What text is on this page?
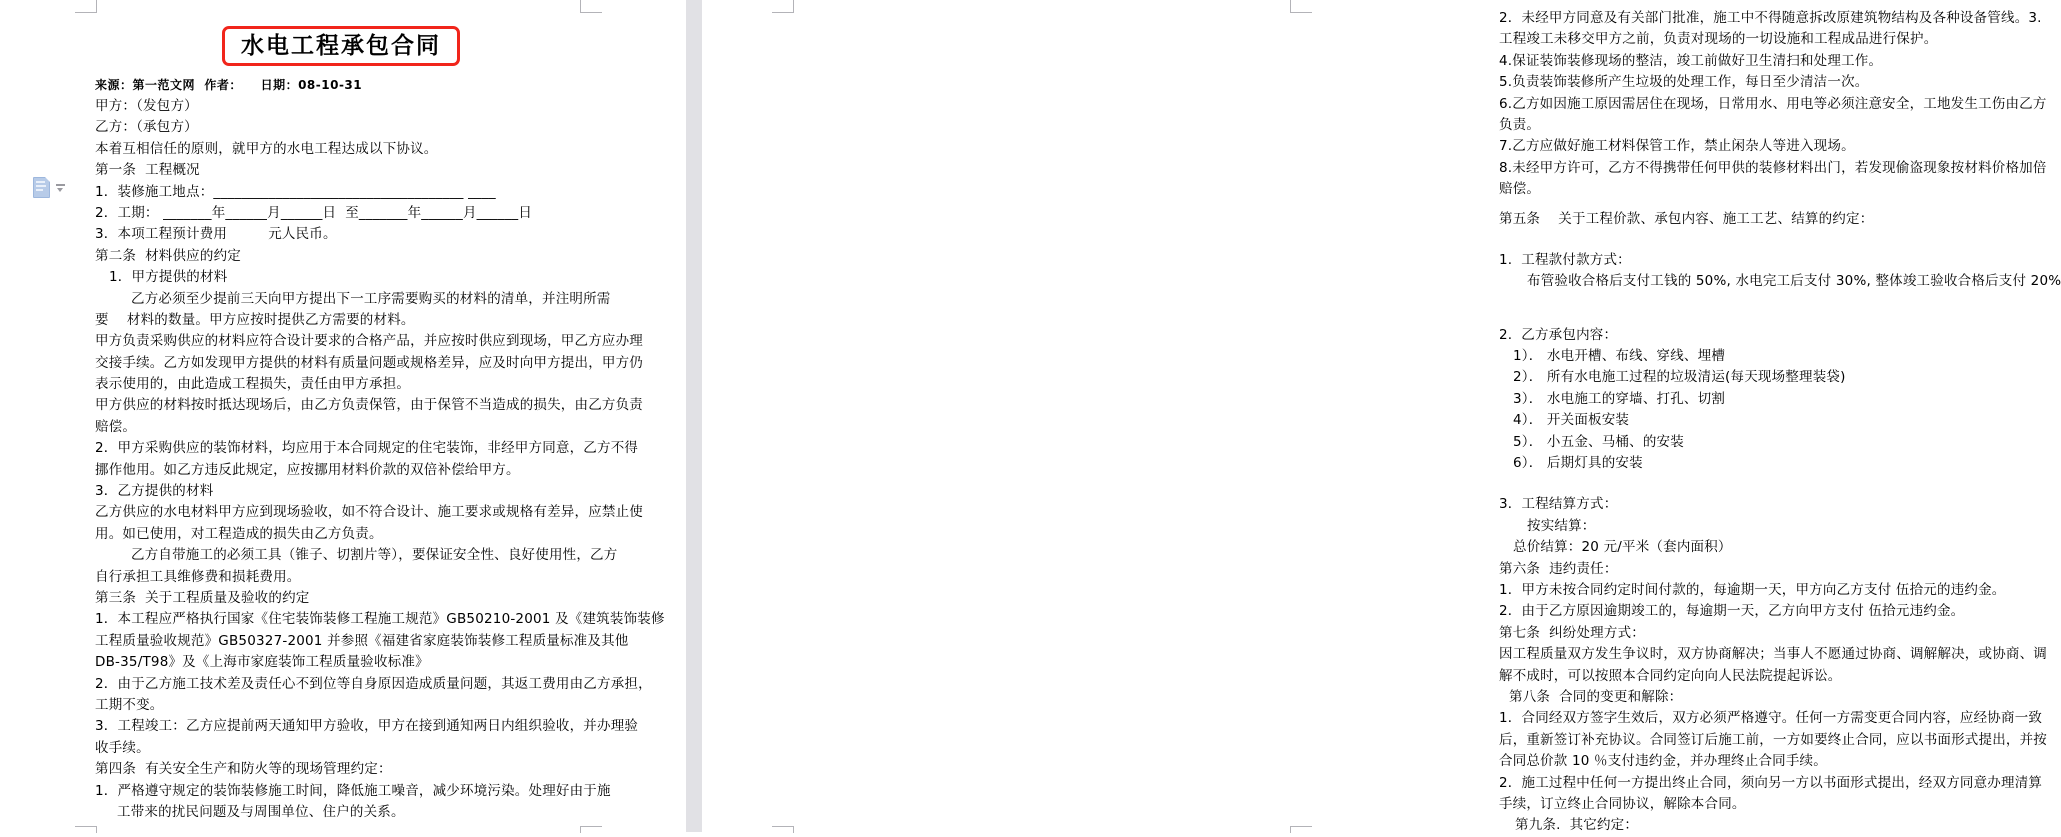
水电工程承包合同
来源：第一范文网  作者：    日期：08-10-31
甲方：（发包方）
乙方：（承包方）
本着互相信任的原则，就甲方的水电工程达成以下协议。
第一条  工程概况
1．装修施工地点：____________________________________ ____
2．工期： _______年______月______日  至_______年______月______日
3．本项工程预计费用　　　元人民币。
第二条  材料供应的约定
1．甲方提供的材料
乙方必须至少提前三天向甲方提出下一工序需要购买的材料的清单，并注明所需
要　 材料的数量。甲方应按时提供乙方需要的材料。
甲方负责采购供应的材料应符合设计要求的合格产品，并应按时供应到现场，甲乙方应办理
交接手续。乙方如发现甲方提供的材料有质量问题或规格差异，应及时向甲方提出，甲方仍
表示使用的，由此造成工程损失，责任由甲方承担。
甲方供应的材料按时抵达现场后，由乙方负责保管，由于保管不当造成的损失，由乙方负责
赔偿。
2．甲方采购供应的装饰材料，均应用于本合同规定的住宅装饰，非经甲方同意，乙方不得
挪作他用。如乙方违反此规定，应按挪用材料价款的双倍补偿给甲方。
3．乙方提供的材料
乙方供应的水电材料甲方应到现场验收，如不符合设计、施工要求或规格有差异，应禁止使
用。如已使用，对工程造成的损失由乙方负责。
乙方自带施工的必须工具（锥子、切割片等），要保证安全性、良好使用性，乙方
自行承担工具维修费和损耗费用。
第三条  关于工程质量及验收的约定
1．本工程应严格执行国家《住宅装饰装修工程施工规范》GB50210-2001 及《建筑装饰装修
工程质量验收规范》GB50327-2001 并参照《福建省家庭装饰装修工程质量标准及其他
DB-35/T98》及《上海市家庭装饰工程质量验收标准》
2．由于乙方施工技术差及责任心不到位等自身原因造成质量问题，其返工费用由乙方承担，
工期不变。
3．工程竣工：乙方应提前两天通知甲方验收，甲方在接到通知两日内组织验收，并办理验
收手续。
第四条  有关安全生产和防火等的现场管理约定：
1．严格遵守规定的装饰装修施工时间，降低施工噪音，减少环境污染。处理好由于施
工带来的扰民问题及与周围单位、住户的关系。
2．未经甲方同意及有关部门批准，施工中不得随意拆改原建筑物结构及各种设备管线。3.
工程竣工未移交甲方之前，负责对现场的一切设施和工程成品进行保护。
4.保证装饰装修现场的整洁，竣工前做好卫生清扫和处理工作。
5.负责装饰装修所产生垃圾的处理工作，每日至少清洁一次。
6.乙方如因施工原因需居住在现场，日常用水、用电等必须注意安全，工地发生工伤由乙方
负责。
7.乙方应做好施工材料保管工作，禁止闲杂人等进入现场。
8.未经甲方许可，乙方不得携带任何甲供的装修材料出门，若发现偷盗现象按材料价格加倍
赔偿。
第五条　 关于工程价款、承包内容、施工工艺、结算的约定：
1.  工程款付款方式：
布管验收合格后支付工钱的 50%, 水电完工后支付 30%, 整体竣工验收合格后支付 20%
2.  乙方承包内容：
1）． 水电开槽、布线、穿线、埋槽
2）． 所有水电施工过程的垃圾清运(每天现场整理装袋)
3）． 水电施工的穿墙、打孔、切割
4）． 开关面板安装
5）． 小五金、马桶、的安装
6）． 后期灯具的安装
3．工程结算方式：
按实结算：
总价结算：20 元/平米（套内面积）
第六条  违约责任：
1．甲方未按合同约定时间付款的，每逾期一天，甲方向乙方支付 伍拾元的违约金。
2．由于乙方原因逾期竣工的，每逾期一天，乙方向甲方支付 伍拾元违约金。
第七条  纠纷处理方式：
因工程质量双方发生争议时，双方协商解决；当事人不愿通过协商、调解解决，或协商、调
解不成时，可以按照本合同约定向向人民法院提起诉讼。
第八条  合同的变更和解除：
1．合同经双方签字生效后，双方必须严格遵守。任何一方需变更合同内容，应经协商一致
后，重新签订补充协议。合同签订后施工前，一方如要终止合同，应以书面形式提出，并按
合同总价款 10 ％支付违约金，并办理终止合同手续。
2．施工过程中任何一方提出终止合同，须向另一方以书面形式提出，经双方同意办理清算
手续，订立终止合同协议，解除本合同。
第九条.  其它约定：
